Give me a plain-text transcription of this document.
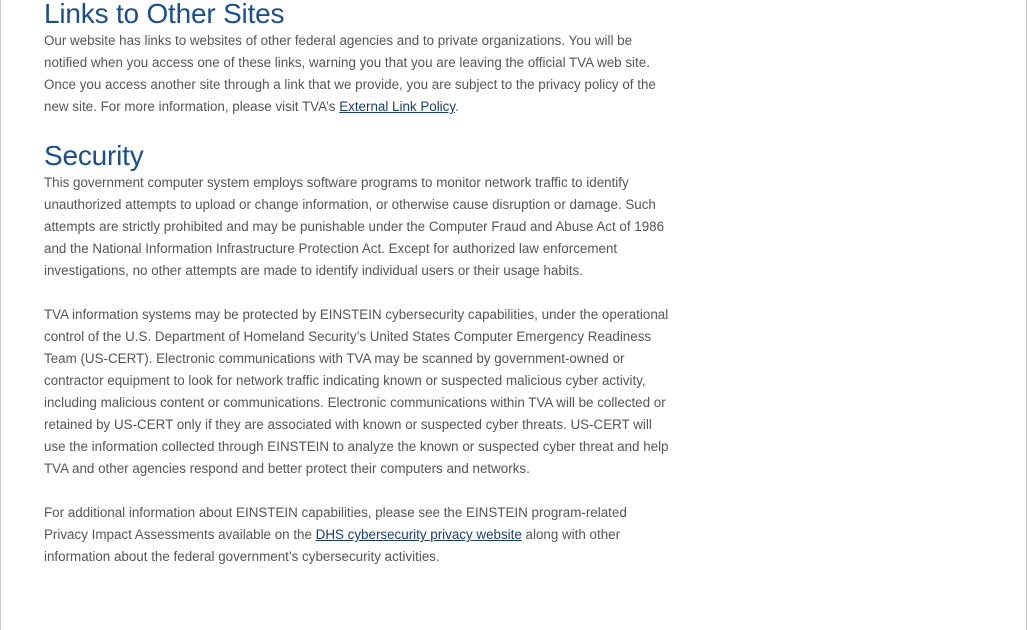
Links to Other Sites

Our website has links to websites of other federal agencies and to private organizations. You will be notified when you access one of these links, warning you that you are leaving the official TVA web site. Once you access another site through a link that we provide, you are subject to the privacy policy of the new site. For more information, please visit TVA’s External Link Policy.

Security

This government computer system employs software programs to monitor network traffic to identify unauthorized attempts to upload or change information, or otherwise cause disruption or damage. Such attempts are strictly prohibited and may be punishable under the Computer Fraud and Abuse Act of 1986 and the National Information Infrastructure Protection Act. Except for authorized law enforcement investigations, no other attempts are made to identify individual users or their usage habits.

TVA information systems may be protected by EINSTEIN cybersecurity capabilities, under the operational control of the U.S. Department of Homeland Security’s United States Computer Emergency Readiness Team (US-CERT). Electronic communications with TVA may be scanned by government-owned or contractor equipment to look for network traffic indicating known or suspected malicious cyber activity, including malicious content or communications. Electronic communications within TVA will be collected or retained by US-CERT only if they are associated with known or suspected cyber threats. US-CERT will use the information collected through EINSTEIN to analyze the known or suspected cyber threat and help TVA and other agencies respond and better protect their computers and networks.

For additional information about EINSTEIN capabilities, please see the EINSTEIN program-related Privacy Impact Assessments available on the DHS cybersecurity privacy website along with other information about the federal government’s cybersecurity activities.
